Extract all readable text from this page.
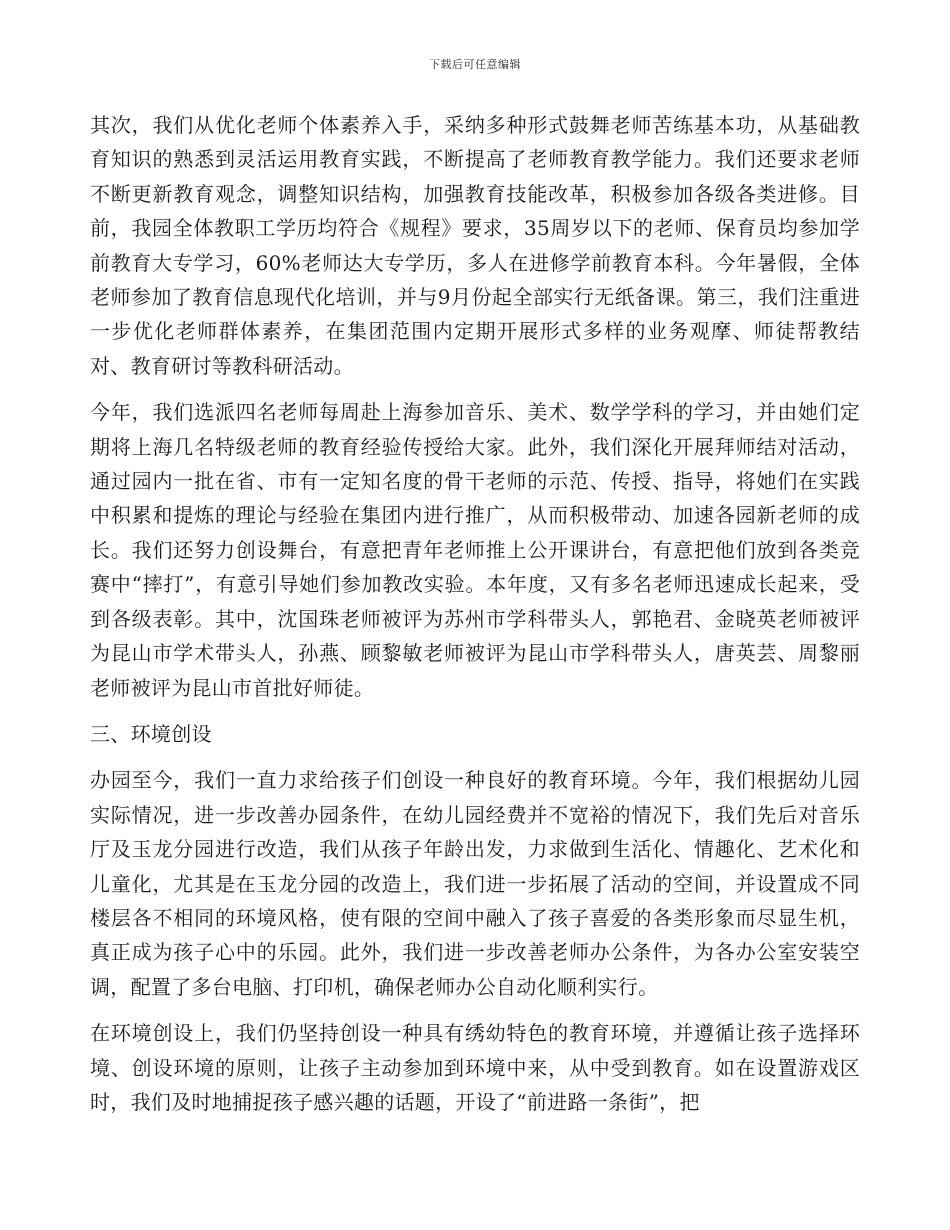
下载后可任意编辑

其次，我们从优化老师个体素养入手，采纳多种形式鼓舞老师苦练基本功，从基础教育知识的熟悉到灵活运用教育实践，不断提高了老师教育教学能力。我们还要求老师不断更新教育观念，调整知识结构，加强教育技能改革，积极参加各级各类进修。目前，我园全体教职工学历均符合《规程》要求，35周岁以下的老师、保育员均参加学前教育大专学习，60%老师达大专学历，多人在进修学前教育本科。今年暑假，全体老师参加了教育信息现代化培训，并与9月份起全部实行无纸备课。第三，我们注重进一步优化老师群体素养，在集团范围内定期开展形式多样的业务观摩、师徒帮教结对、教育研讨等教科研活动。

今年，我们选派四名老师每周赴上海参加音乐、美术、数学学科的学习，并由她们定期将上海几名特级老师的教育经验传授给大家。此外，我们深化开展拜师结对活动，通过园内一批在省、市有一定知名度的骨干老师的示范、传授、指导，将她们在实践中积累和提炼的理论与经验在集团内进行推广，从而积极带动、加速各园新老师的成长。我们还努力创设舞台，有意把青年老师推上公开课讲台，有意把他们放到各类竞赛中“摔打”，有意引导她们参加教改实验。本年度，又有多名老师迅速成长起来，受到各级表彰。其中，沈国珠老师被评为苏州市学科带头人，郭艳君、金晓英老师被评为昆山市学术带头人，孙燕、顾黎敏老师被评为昆山市学科带头人，唐英芸、周黎丽老师被评为昆山市首批好师徒。

三、环境创设

办园至今，我们一直力求给孩子们创设一种良好的教育环境。今年，我们根据幼儿园实际情况，进一步改善办园条件，在幼儿园经费并不宽裕的情况下，我们先后对音乐厅及玉龙分园进行改造，我们从孩子年龄出发，力求做到生活化、情趣化、艺术化和儿童化，尤其是在玉龙分园的改造上，我们进一步拓展了活动的空间，并设置成不同楼层各不相同的环境风格，使有限的空间中融入了孩子喜爱的各类形象而尽显生机，真正成为孩子心中的乐园。此外，我们进一步改善老师办公条件，为各办公室安装空调，配置了多台电脑、打印机，确保老师办公自动化顺利实行。

在环境创设上，我们仍坚持创设一种具有绣幼特色的教育环境，并遵循让孩子选择环境、创设环境的原则，让孩子主动参加到环境中来，从中受到教育。如在设置游戏区时，我们及时地捕捉孩子感兴趣的话题，开设了“前进路一条街”，把
